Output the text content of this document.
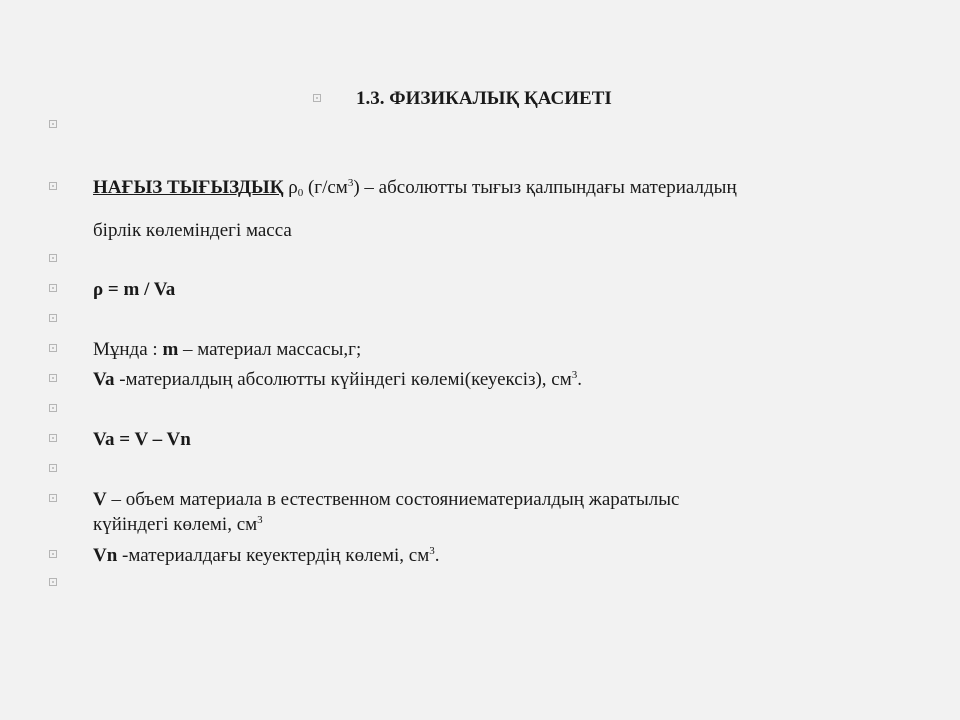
1.3. ФИЗИКАЛЫҚ ҚАСИЕТІ
НАҒЫЗ ТЫҒЫЗДЫҚ $\rho_0$ $(г/см^3)$ – абсолютты тығыз қалпындағы материалдың
бірлік көлеміндегі масса
ρ = m / Va
Мұнда : m – материал массасы,г;
Va -материалдың абсолютты күйіндегі көлемі(кеуексіз), $см^3$.
Va = V – Vn
V – объем материала в естественном состояниематериалдың жаратылыс
күйіндегі көлемі, $см^3$
Vn -материалдағы кеуектердің көлемі, $см^3$.
